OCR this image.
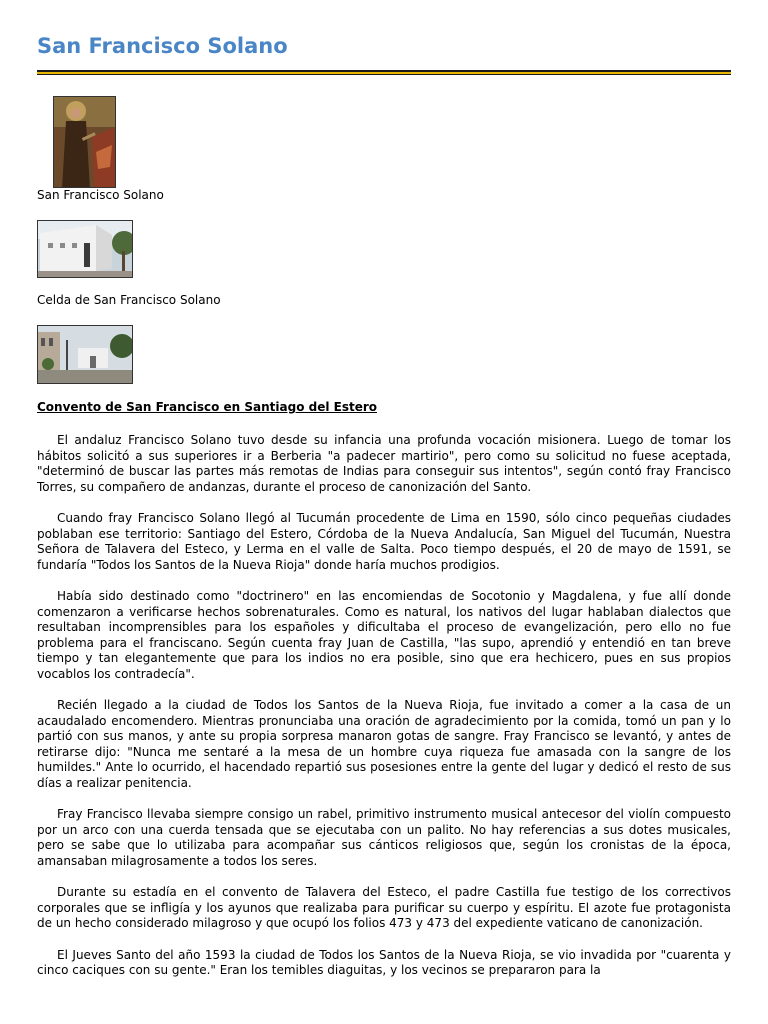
San Francisco Solano
San Francisco Solano
Celda de San Francisco Solano
Convento de San Francisco en Santiago del Estero

El andaluz Francisco Solano tuvo desde su infancia una profunda vocación misionera. Luego de tomar los hábitos solicitó a sus superiores ir a Berberia "a padecer martirio", pero como su solicitud no fuese aceptada, "determinó de buscar las partes más remotas de Indias para conseguir sus intentos", según contó fray Francisco Torres, su compañero de andanzas, durante el proceso de canonización del Santo.

Cuando fray Francisco Solano llegó al Tucumán procedente de Lima en 1590, sólo cinco pequeñas ciudades poblaban ese territorio: Santiago del Estero, Córdoba de la Nueva Andalucía, San Miguel del Tucumán, Nuestra Señora de Talavera del Esteco, y Lerma en el valle de Salta. Poco tiempo después, el 20 de mayo de 1591, se fundaría "Todos los Santos de la Nueva Rioja" donde haría muchos prodigios.

Había sido destinado como "doctrinero" en las encomiendas de Socotonio y Magdalena, y fue allí donde comenzaron a verificarse hechos sobrenaturales. Como es natural, los nativos del lugar hablaban dialectos que resultaban incomprensibles para los españoles y dificultaba el proceso de evangelización, pero ello no fue problema para el franciscano. Según cuenta fray Juan de Castilla, "las supo, aprendió y entendió en tan breve tiempo y tan elegantemente que para los indios no era posible, sino que era hechicero, pues en sus propios vocablos los contradecía".

Recién llegado a la ciudad de Todos los Santos de la Nueva Rioja, fue invitado a comer a la casa de un acaudalado encomendero. Mientras pronunciaba una oración de agradecimiento por la comida, tomó un pan y lo partió con sus manos, y ante su propia sorpresa manaron gotas de sangre. Fray Francisco se levantó, y antes de retirarse dijo: "Nunca me sentaré a la mesa de un hombre cuya riqueza fue amasada con la sangre de los humildes." Ante lo ocurrido, el hacendado repartió sus posesiones entre la gente del lugar y dedicó el resto de sus días a realizar penitencia.

Fray Francisco llevaba siempre consigo un rabel, primitivo instrumento musical antecesor del violín compuesto por un arco con una cuerda tensada que se ejecutaba con un palito. No hay referencias a sus dotes musicales, pero se sabe que lo utilizaba para acompañar sus cánticos religiosos que, según los cronistas de la época, amansaban milagrosamente a todos los seres.

Durante su estadía en el convento de Talavera del Esteco, el padre Castilla fue testigo de los correctivos corporales que se infligía y los ayunos que realizaba para purificar su cuerpo y espíritu. El azote fue protagonista de un hecho considerado milagroso y que ocupó los folios 473 y 473 del expediente vaticano de canonización.

El Jueves Santo del año 1593 la ciudad de Todos los Santos de la Nueva Rioja, se vio invadida por "cuarenta y cinco caciques con su gente." Eran los temibles diaguitas, y los vecinos se prepararon para la
